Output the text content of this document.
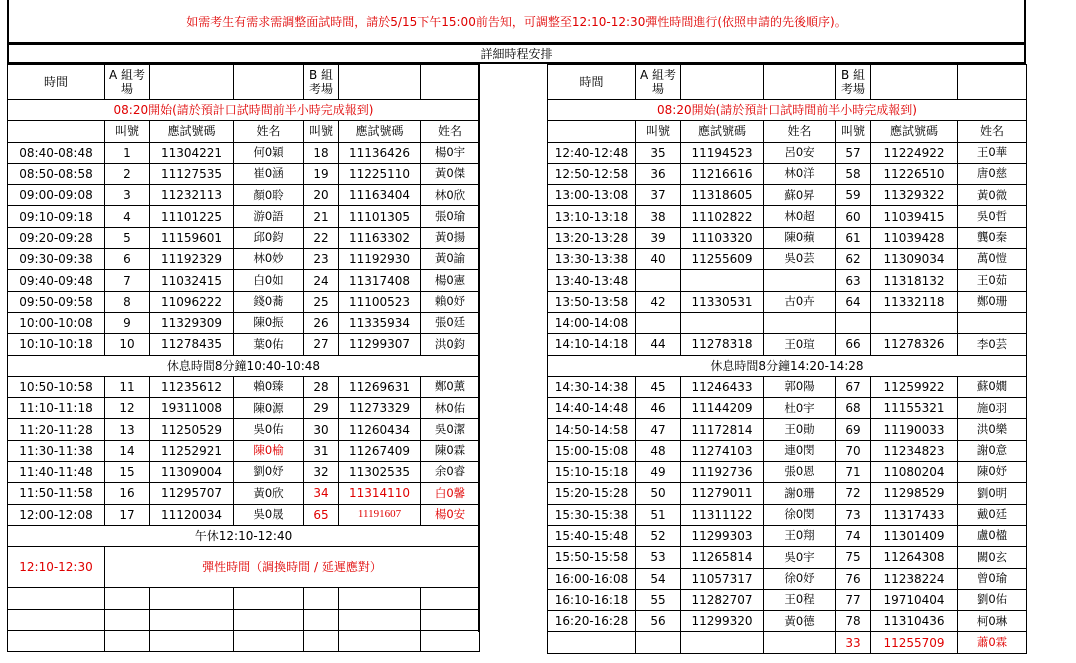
如需考生有需求需調整面試時間，請於5/15下午15:00前告知，可調整至12:10-12:30彈性時間進行(依照申請的先後順序)。
詳細時程安排
時間	A 組考場			B 組考場		
08:20開始(請於預計口試時間前半小時完成報到)						
	叫號	應試號碼	姓名	叫號	應試號碼	姓名
08:40-08:48	1	11304221	何0穎	18	11136426	楊0宇
08:50-08:58	2	11127535	崔0涵	19	11225110	黃0傑
09:00-09:08	3	11232113	顏0聆	20	11163404	林0欣
09:10-09:18	4	11101225	游0語	21	11101305	張0瑜
09:20-09:28	5	11159601	邱0鈞	22	11163302	黃0揚
09:30-09:38	6	11192329	林0妙	23	11192930	黃0諭
09:40-09:48	7	11032415	白0如	24	11317408	楊0憲
09:50-09:58	8	11096222	錢0蕎	25	11100523	賴0妤
10:00-10:08	9	11329309	陳0振	26	11335934	張0廷
10:10-10:18	10	11278435	葉0佑	27	11299307	洪0鈞
休息時間8分鐘10:40-10:48						
10:50-10:58	11	11235612	賴0臻	28	11269631	鄭0薰
11:10-11:18	12	19311008	陳0源	29	11273329	林0佑
11:20-11:28	13	11250529	吳0佑	30	11260434	吳0潔
11:30-11:38	14	11252921	陳0榆	31	11267409	陳0霖
11:40-11:48	15	11309004	劉0妤	32	11302535	余0睿
11:50-11:58	16	11295707	黃0欣	34	11314110	白0馨
12:00-12:08	17	11120034	吳0晟	65	11191607	楊0安
午休12:10-12:40						
12:10-12:30	彈性時間（調換時間 / 延遲應對）					

時間	A 組考場			B 組考場		
08:20開始(請於預計口試時間前半小時完成報到)						
	叫號	應試號碼	姓名	叫號	應試號碼	姓名
12:40-12:48	35	11194523	呂0安	57	11224922	王0華
12:50-12:58	36	11216616	林0洋	58	11226510	唐0慈
13:00-13:08	37	11318605	蘇0昇	59	11329322	黃0微
13:10-13:18	38	11102822	林0超	60	11039415	吳0哲
13:20-13:28	39	11103320	陳0蘋	61	11039428	龔0秦
13:30-13:38	40	11255609	吳0芸	62	11309034	萬0愷
13:40-13:48				63	11318132	王0茹
13:50-13:58	42	11330531	古0卉	64	11332118	鄭0珊
14:00-14:08						
14:10-14:18	44	11278318	王0瑄	66	11278326	李0芸
休息時間8分鐘14:20-14:28						
14:30-14:38	45	11246433	郭0陽	67	11259922	蘇0嫺
14:40-14:48	46	11144209	杜0宇	68	11155321	施0羽
14:50-14:58	47	11172814	王0勛	69	11190033	洪0樂
15:00-15:08	48	11274103	連0閔	70	11234823	謝0意
15:10-15:18	49	11192736	張0恩	71	11080204	陳0妤
15:20-15:28	50	11279011	謝0珊	72	11298529	劉0明
15:30-15:38	51	11311122	徐0閔	73	11317433	戴0廷
15:40-15:48	52	11299303	王0翔	74	11301409	盧0楹
15:50-15:58	53	11265814	吳0宇	75	11264308	闕0玄
16:00-16:08	54	11057317	徐0妤	76	11238224	曾0瑜
16:10-16:18	55	11282707	王0程	77	19710404	劉0佑
16:20-16:28	56	11299320	黃0德	78	11310436	柯0琳
				33	11255709	蕭0霖
